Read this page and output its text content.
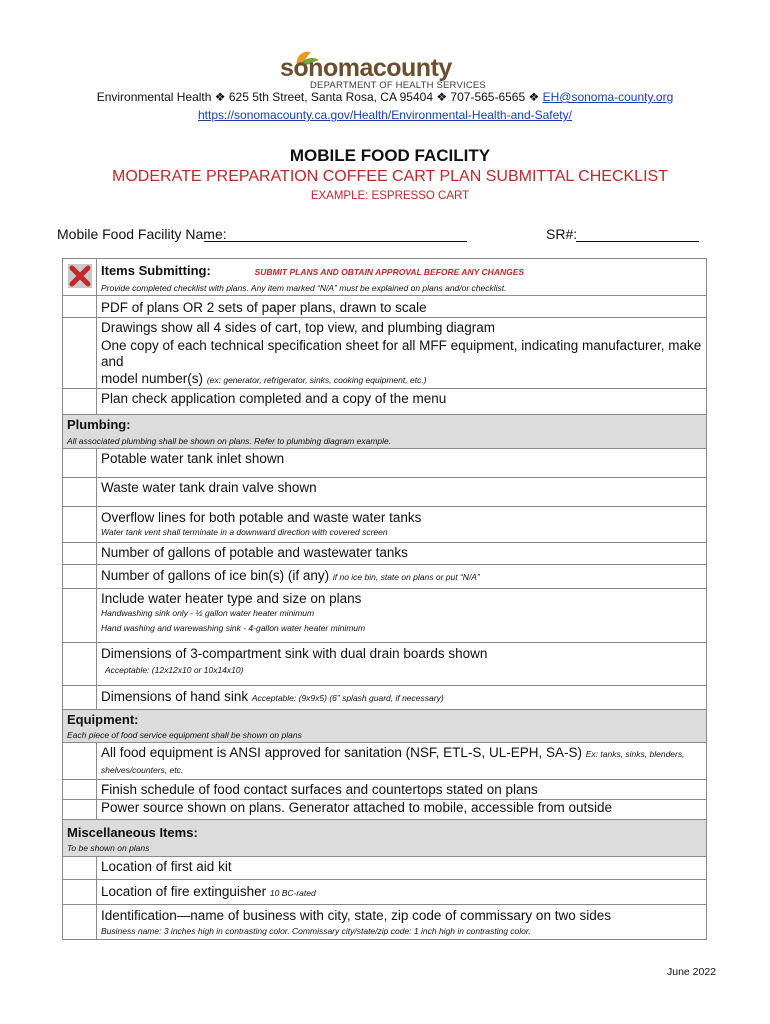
sonomacounty
DEPARTMENT OF HEALTH SERVICES
Environmental Health ❖ 625 5th Street, Santa Rosa, CA 95404 ❖ 707-565-6565 ❖ EH@sonoma-county.org
https://sonomacounty.ca.gov/Health/Environmental-Health-and-Safety/
MOBILE FOOD FACILITY
MODERATE PREPARATION COFFEE CART PLAN SUBMITTAL CHECKLIST
EXAMPLE: ESPRESSO CART
Mobile Food Facility Name:	SR#:

Items Submitting: SUBMIT PLANS AND OBTAIN APPROVAL BEFORE ANY CHANGES
Provide completed checklist with plans. Any item marked “N/A” must be explained on plans and/or checklist.

	PDF of plans OR 2 sets of paper plans, drawn to scale

	Drawings show all 4 sides of cart, top view, and plumbing diagram
One copy of each technical specification sheet for all MFF equipment, indicating manufacturer, make and
model number(s) (ex: generator, refrigerator, sinks, cooking equipment, etc.)

	Plan check application completed and a copy of the menu

Plumbing:
All associated plumbing shall be shown on plans. Refer to plumbing diagram example.	

	Potable water tank inlet shown
	Waste water tank drain valve shown

	Overflow lines for both potable and waste water tanks
Water tank vent shall terminate in a downward direction with covered screen

	Number of gallons of potable and wastewater tanks
	Number of gallons of ice bin(s) (if any) if no ice bin, state on plans or put “N/A”

	Include water heater type and size on plans
Handwashing sink only - ½ gallon water heater minimum
Hand washing and warewashing sink - 4-gallon water heater minimum

	Dimensions of 3-compartment sink with dual drain boards shown
Acceptable: (12x12x10 or 10x14x10)

	Dimensions of hand sink Acceptable: (9x9x5) (6” splash guard, if necessary)

Equipment:
Each piece of food service equipment shall be shown on plans	

	All food equipment is ANSI approved for sanitation (NSF, ETL-S, UL-EPH, SA-S) Ex: tanks, sinks, blenders,
shelves/counters, etc.

	Finish schedule of food contact surfaces and countertops stated on plans
	Power source shown on plans. Generator attached to mobile, accessible from outside

Miscellaneous Items:
To be shown on plans	

	Location of first aid kit
	Location of fire extinguisher 10 BC-rated

	Identification—name of business with city, state, zip code of commissary on two sides
Business name: 3 inches high in contrasting color. Commissary city/state/zip code: 1 inch high in contrasting color.
June 2022
